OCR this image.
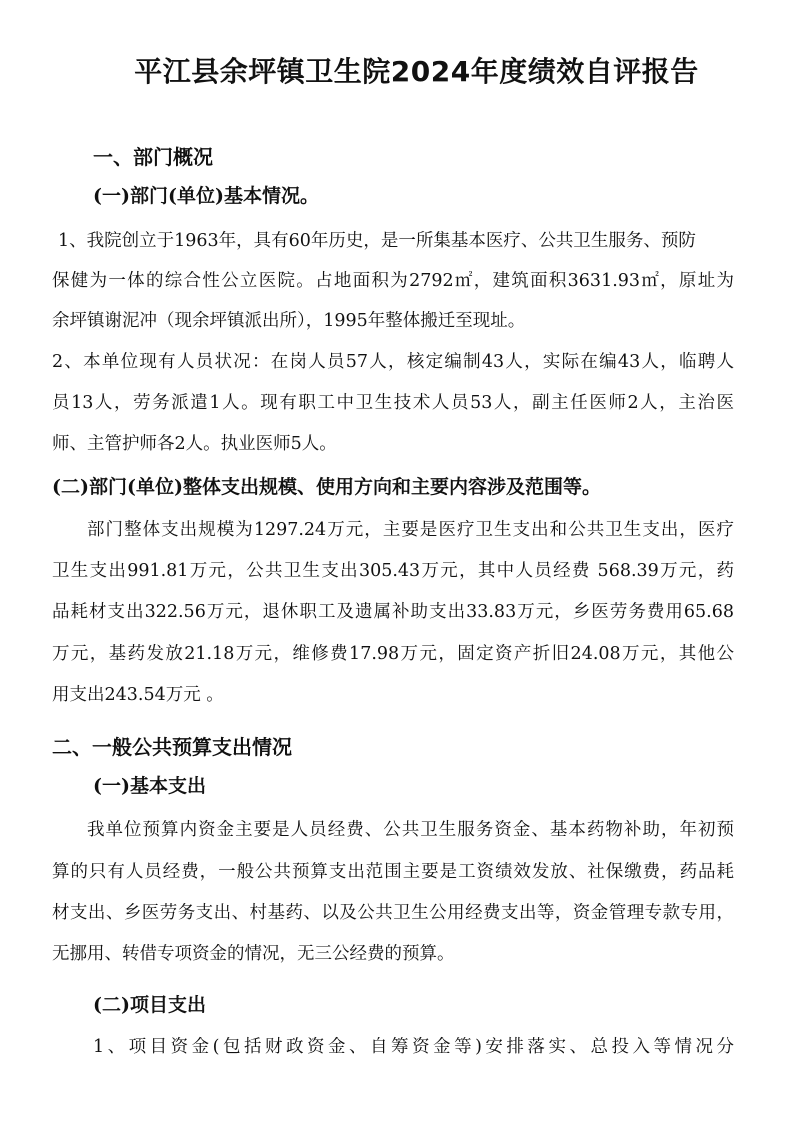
平江县余坪镇卫生院2024年度绩效自评报告
一、部门概况
(一)部门(单位)基本情况。
1、我院创立于1963年，具有60年历史，是一所集基本医疗、公共卫生服务、预防
保健为一体的综合性公立医院。占地面积为2792㎡，建筑面积3631.93㎡，原址为
余坪镇谢泥冲（现余坪镇派出所），1995年整体搬迁至现址。
2、本单位现有人员状况：在岗人员57人，核定编制43人，实际在编43人，临聘人
员13人，劳务派遣1人。现有职工中卫生技术人员53人，副主任医师2人，主治医
师、主管护师各2人。执业医师5人。
(二)部门(单位)整体支出规模、使用方向和主要内容涉及范围等。
部门整体支出规模为1297.24万元，主要是医疗卫生支出和公共卫生支出，医疗
卫生支出991.81万元，公共卫生支出305.43万元，其中人员经费 568.39万元，药
品耗材支出322.56万元，退休职工及遗属补助支出33.83万元，乡医劳务费用65.68
万元，基药发放21.18万元，维修费17.98万元，固定资产折旧24.08万元，其他公
用支出243.54万元 。
二、一般公共预算支出情况
(一)基本支出
我单位预算内资金主要是人员经费、公共卫生服务资金、基本药物补助，年初预
算的只有人员经费，一般公共预算支出范围主要是工资绩效发放、社保缴费，药品耗
材支出、乡医劳务支出、村基药、以及公共卫生公用经费支出等，资金管理专款专用，
无挪用、转借专项资金的情况，无三公经费的预算。
(二)项目支出
1、项目资金(包括财政资金、自筹资金等)安排落实、总投入等情况分
